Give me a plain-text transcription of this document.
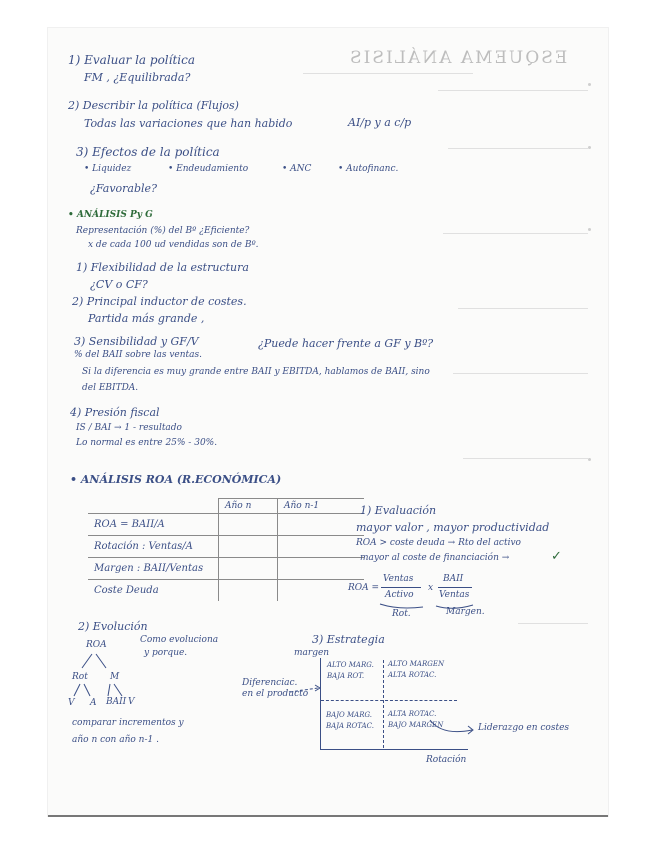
ESQUEMA ANÁLISIS
1) Evaluar la política
FM , ¿Equilibrada?
2) Describir la política (Flujos)
Todas las variaciones que han habido	AI/p y a c/p
3) Efectos de la política
• Liquidez	• Endeudamiento	• ANC	• Autofinanc.
¿Favorable?
• ANÁLISIS Py G
Representación (%) del Bº ¿Eficiente?
x de cada 100 ud vendidas son de Bº.
1) Flexibilidad de la estructura
¿CV o CF?
2) Principal inductor de costes.
Partida más grande ,
3) Sensibilidad y GF/V	¿Puede hacer frente a GF y Bº?
% del BAII sobre las ventas.
Si la diferencia es muy grande entre BAII y EBITDA, hablamos de BAII, sino
del EBITDA.
4) Presión fiscal
IS / BAI → 1 - resultado
Lo normal es entre 25% - 30%.
• ANÁLISIS ROA (R.ECONÓMICA)
	Año n	Año n-1
ROA = BAII/A		
Rotación : Ventas/A		
Margen : BAII/Ventas		
Coste Deuda		
1) Evaluación
mayor valor , mayor productividad
ROA > coste deuda → Rto del activo
mayor al coste de financiación →	✓
ROA =
Ventas
Activo
x
BAII
Ventas
Rot.	Margen.
2) Evolución
ROA	Como evoluciona
y porque.
Rot M
V A BAII V
comparar incrementos y
año n con año n-1 .
3) Estrategia
margen
ALTO MARG.
BAJA ROT.
ALTO MARGEN
ALTA ROTAC.
BAJO MARG.
BAJA ROTAC.
ALTA ROTAC.
BAJO MARGEN
Diferenciac.
en el producto
Liderazgo en costes
Rotación
